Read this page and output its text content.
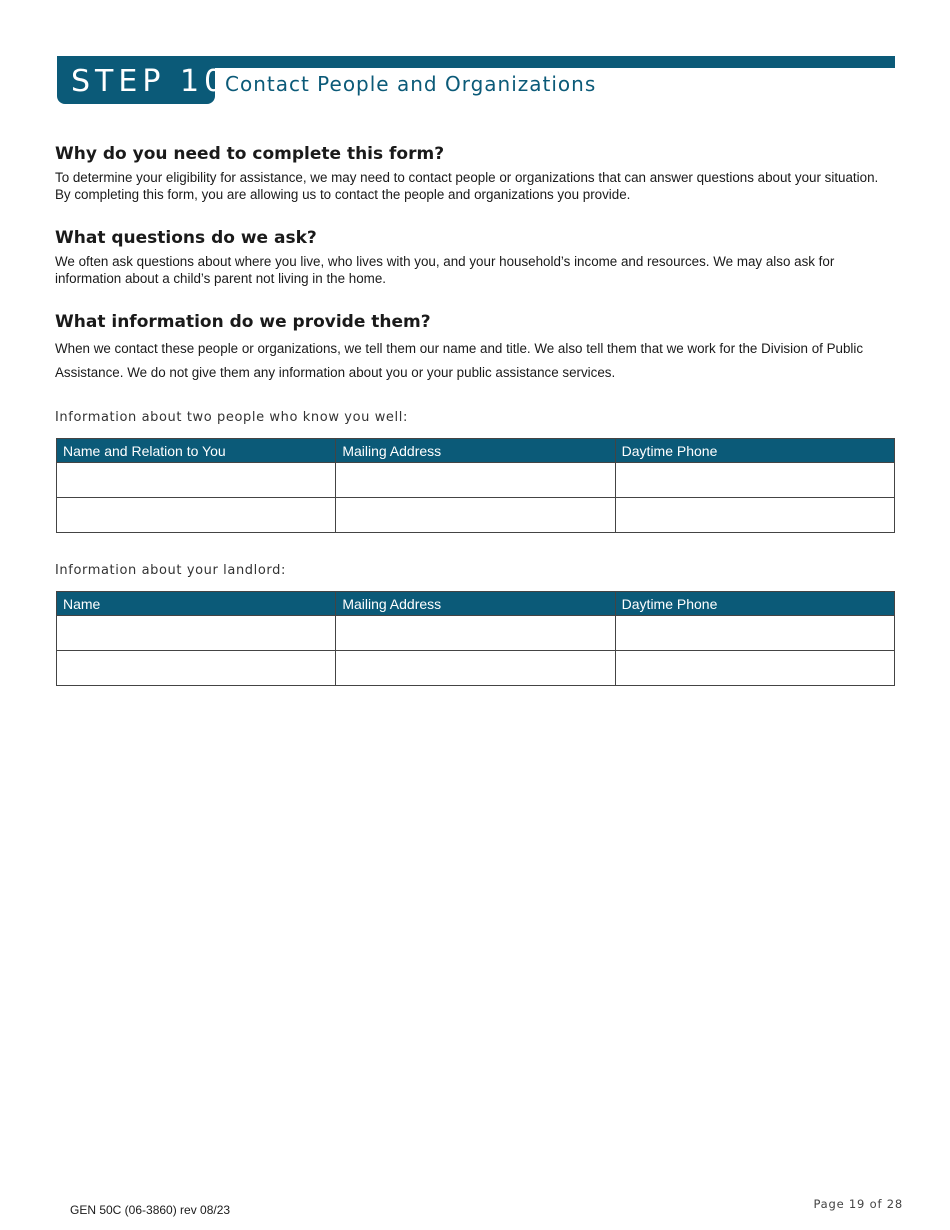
STEP 10
Contact People and Organizations
Why do you need to complete this form?

To determine your eligibility for assistance, we may need to contact people or organizations that can answer questions about your situation. By completing this form, you are allowing us to contact the people and organizations you provide.

What questions do we ask?

We often ask questions about where you live, who lives with you, and your household’s income and resources. We may also ask for information about a child’s parent not living in the home.

What information do we provide them?

When we contact these people or organizations, we tell them our name and title. We also tell them that we work for the Division of Public Assistance. We do not give them any information about you or your public assistance services.

Information about two people who know you well:
Name and Relation to You	Mailing Address	Daytime Phone

Information about your landlord:
Name	Mailing Address	Daytime Phone

GEN 50C (06-3860) rev 08/23	Page 19 of 28
